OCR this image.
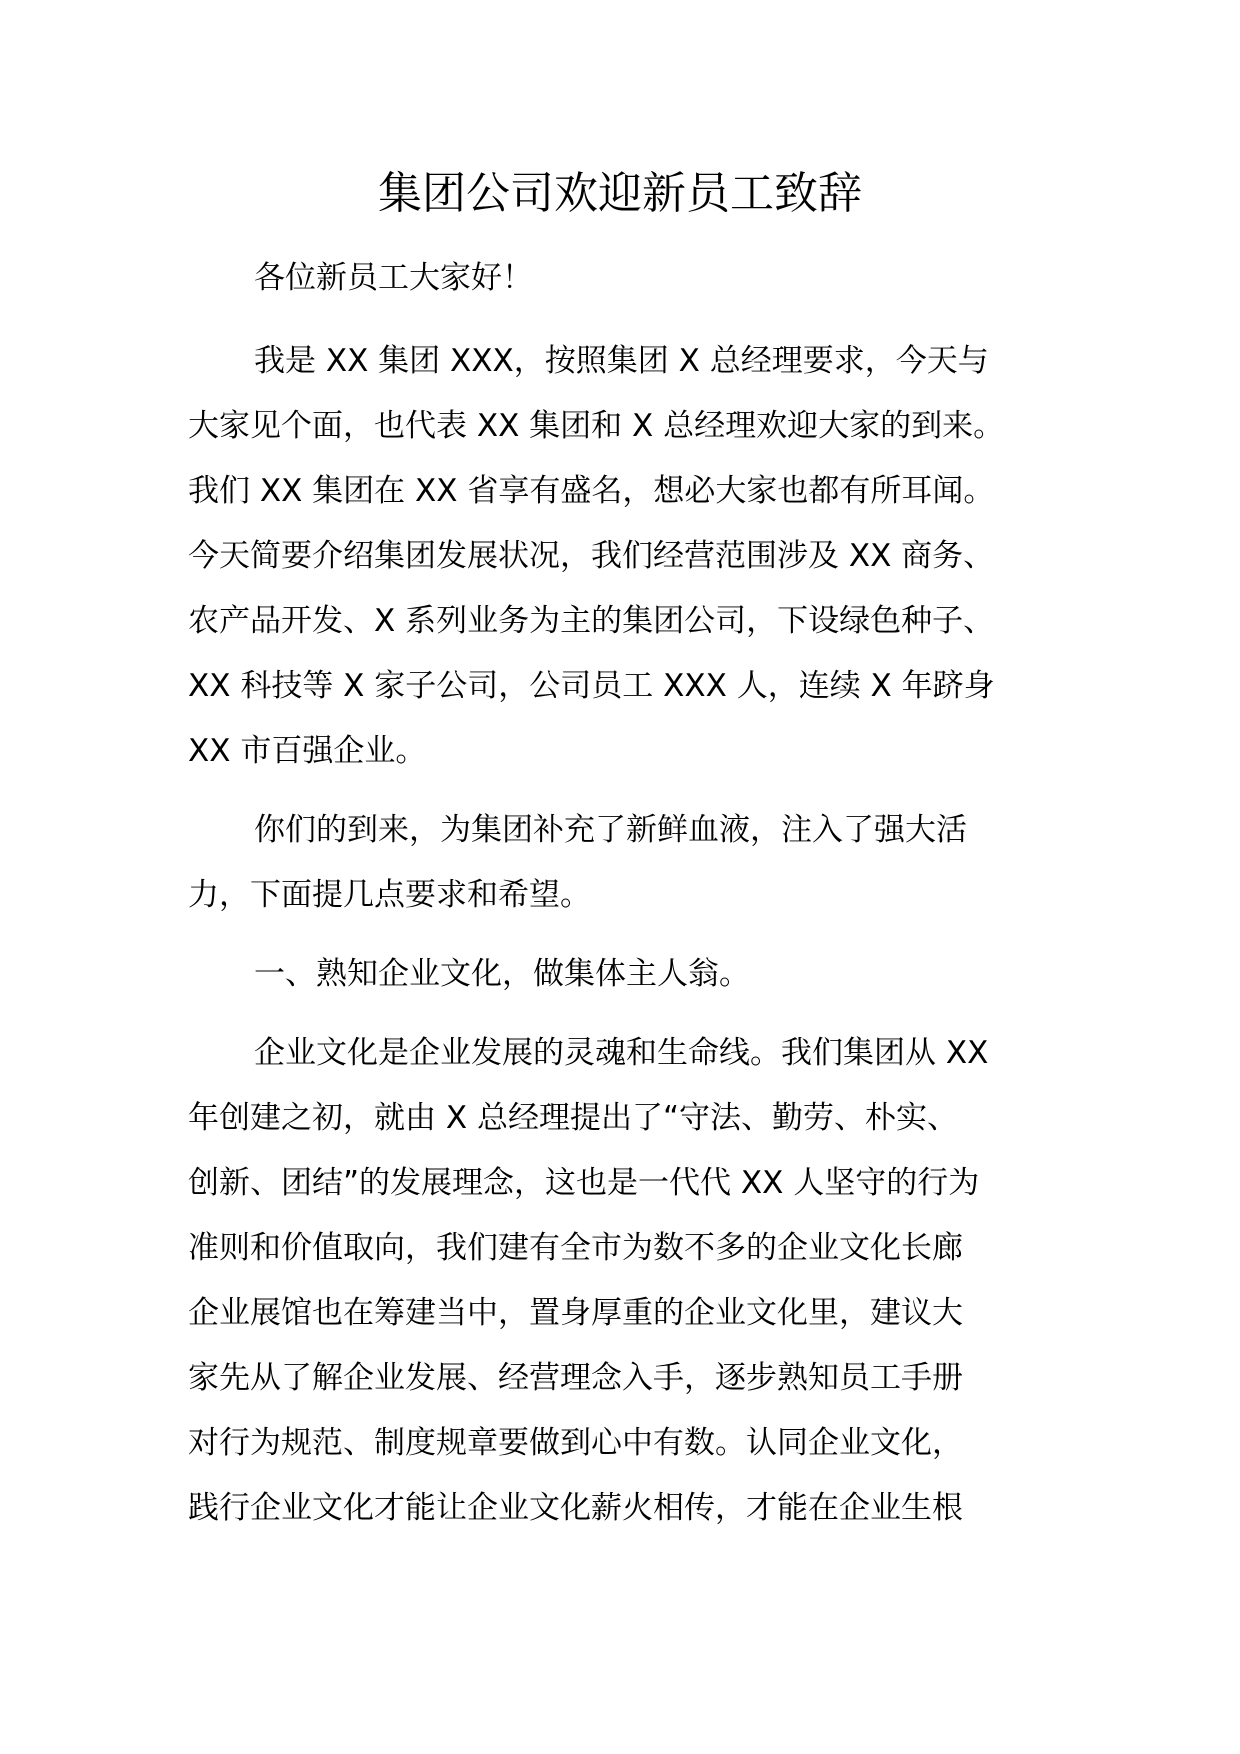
集团公司欢迎新员工致辞

各位新员工大家好！

我是 XX 集团 XXX，按照集团 X 总经理要求，今天与
大家见个面，也代表 XX 集团和 X 总经理欢迎大家的到来。
我们 XX 集团在 XX 省享有盛名，想必大家也都有所耳闻。
今天简要介绍集团发展状况，我们经营范围涉及 XX 商务、
农产品开发、X 系列业务为主的集团公司，下设绿色种子、
XX 科技等 X 家子公司，公司员工 XXX 人，连续 X 年跻身
XX 市百强企业。
你们的到来，为集团补充了新鲜血液，注入了强大活
力，下面提几点要求和希望。
一、熟知企业文化，做集体主人翁。
企业文化是企业发展的灵魂和生命线。我们集团从 XX
年创建之初，就由 X 总经理提出了“守法、勤劳、朴实、
创新、团结”的发展理念，这也是一代代 XX 人坚守的行为
准则和价值取向，我们建有全市为数不多的企业文化长廊
企业展馆也在筹建当中，置身厚重的企业文化里，建议大
家先从了解企业发展、经营理念入手，逐步熟知员工手册
对行为规范、制度规章要做到心中有数。认同企业文化，
践行企业文化才能让企业文化薪火相传，才能在企业生根
